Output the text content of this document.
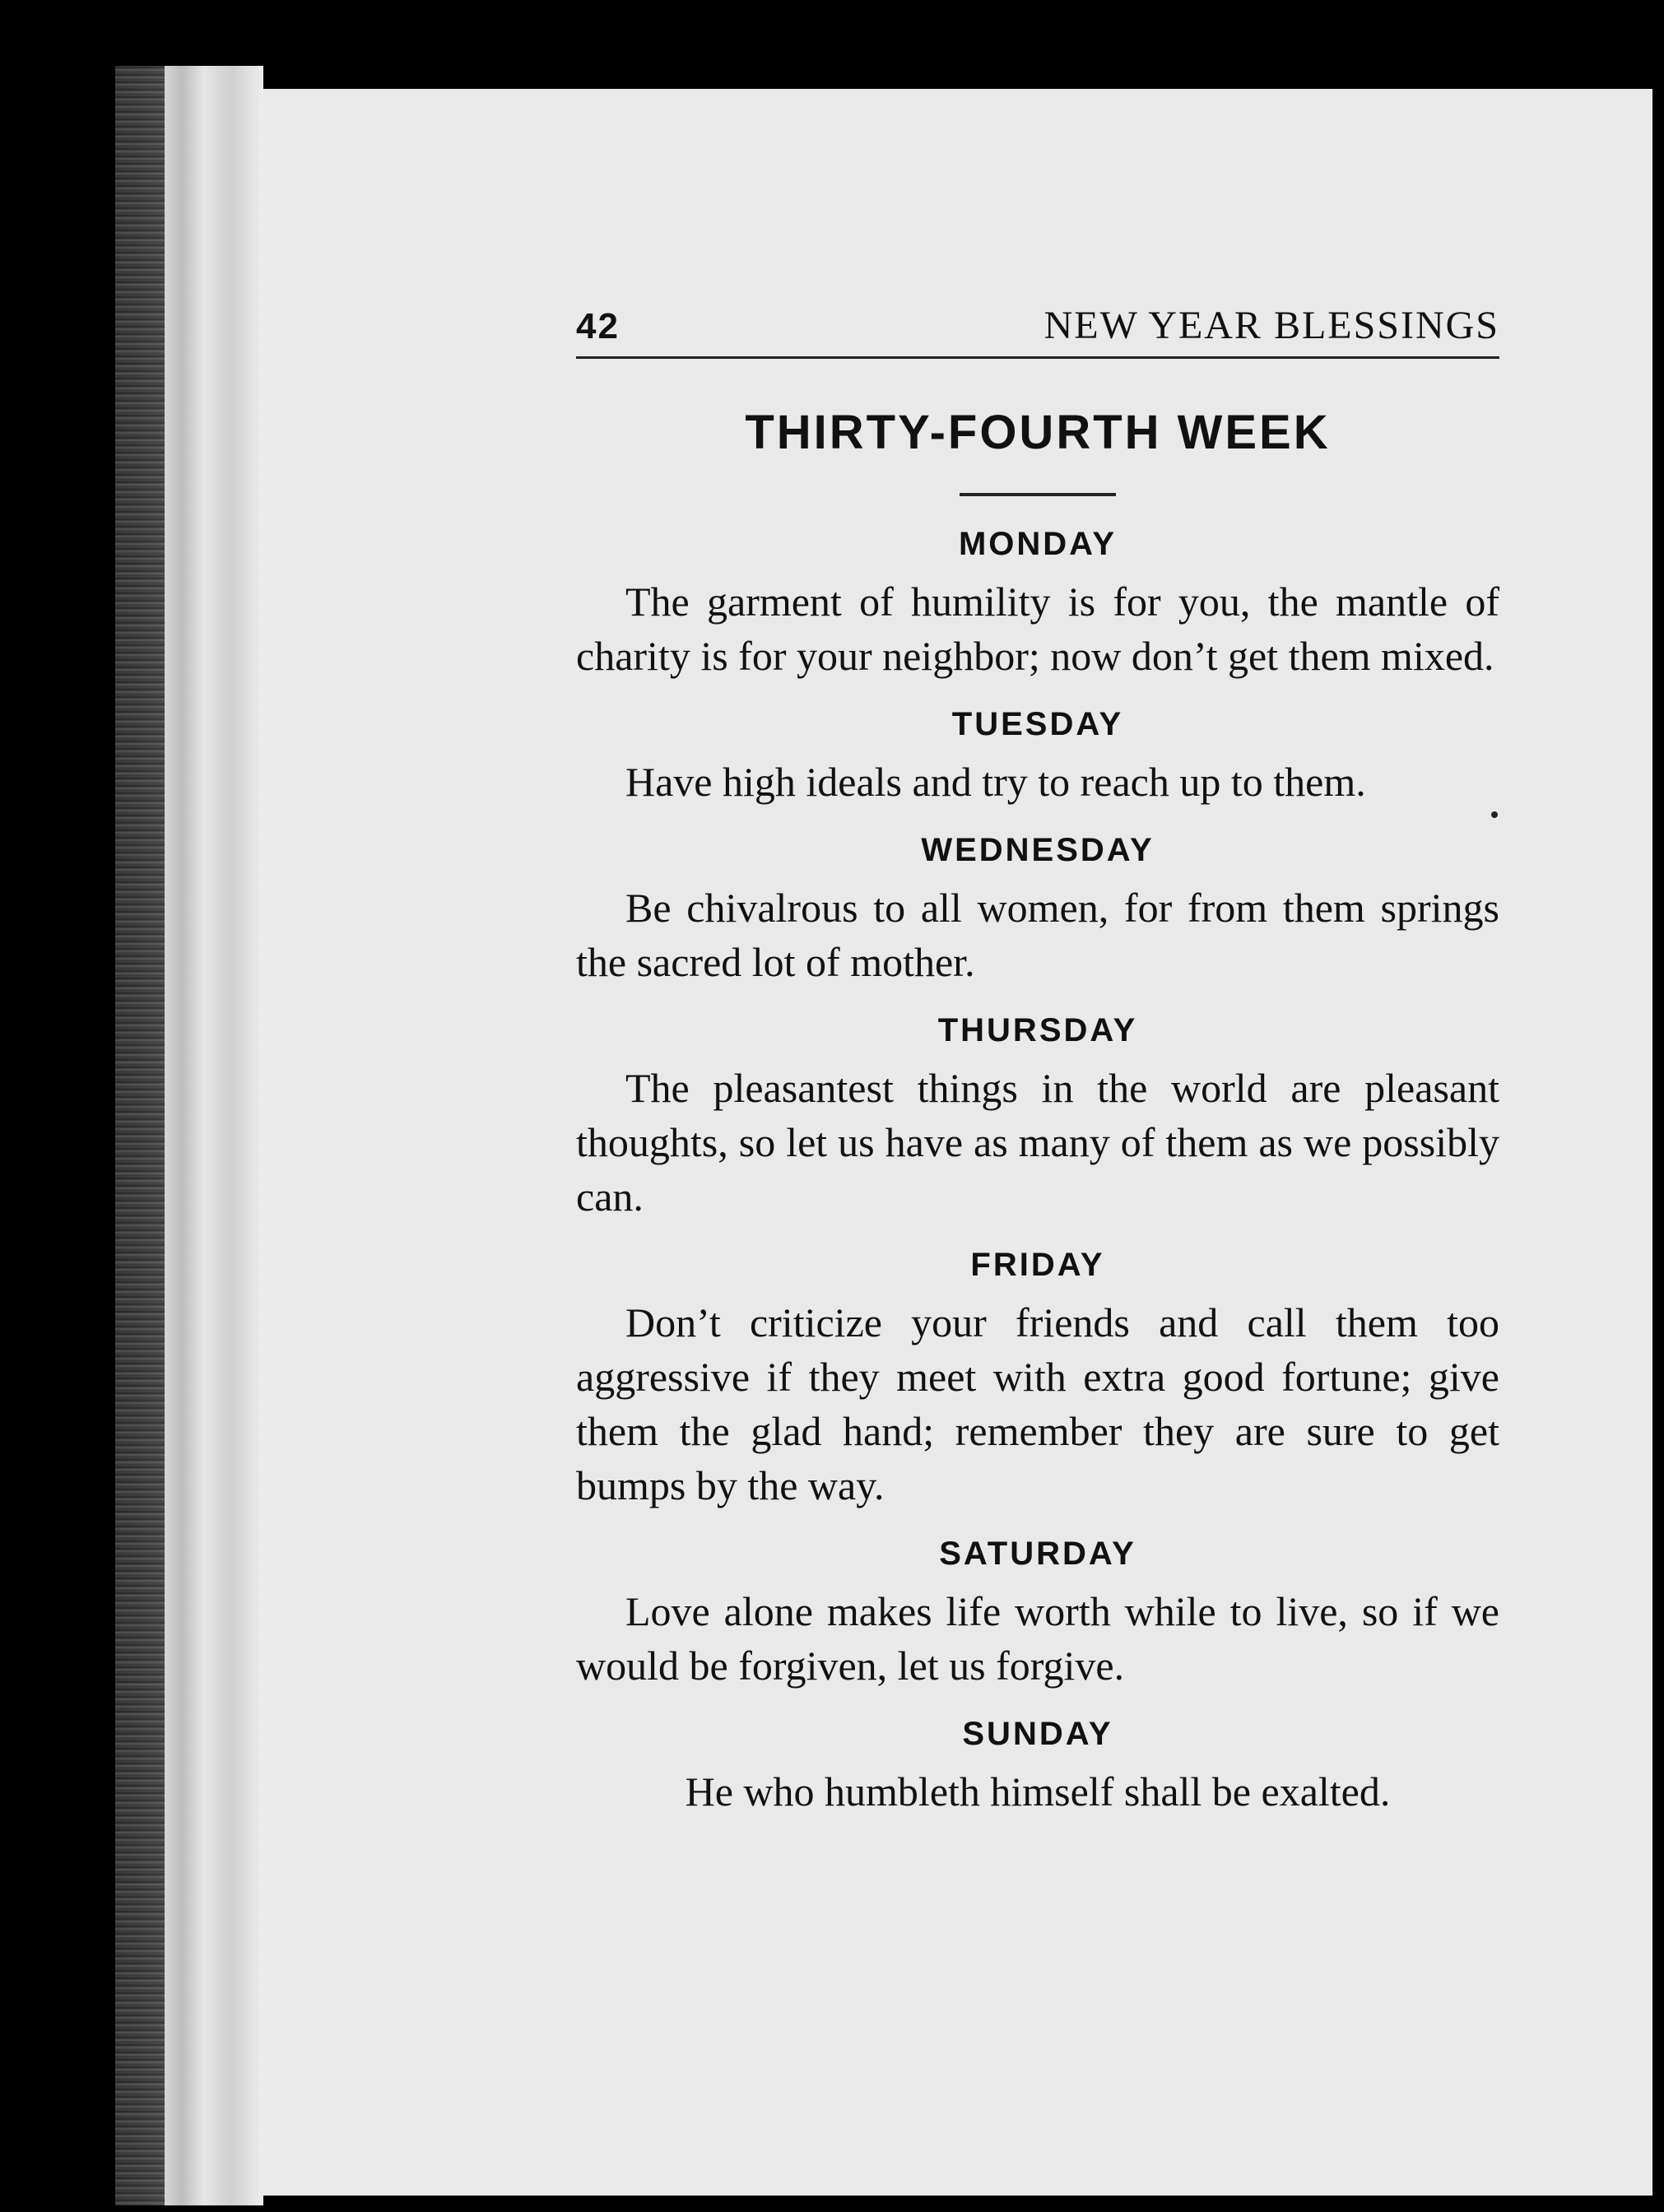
42	NEW YEAR BLESSINGS
THIRTY-FOURTH WEEK
MONDAY

The garment of humility is for you, the mantle of charity is for your neighbor; now don’t get them mixed.

TUESDAY

Have high ideals and try to reach up to them.

WEDNESDAY

Be chivalrous to all women, for from them springs the sacred lot of mother.

THURSDAY

The pleasantest things in the world are pleasant thoughts, so let us have as many of them as we possibly can.

FRIDAY

Don’t criticize your friends and call them too aggressive if they meet with extra good fortune; give them the glad hand; remember they are sure to get bumps by the way.

SATURDAY

Love alone makes life worth while to live, so if we would be forgiven, let us forgive.

SUNDAY

He who humbleth himself shall be exalted.
